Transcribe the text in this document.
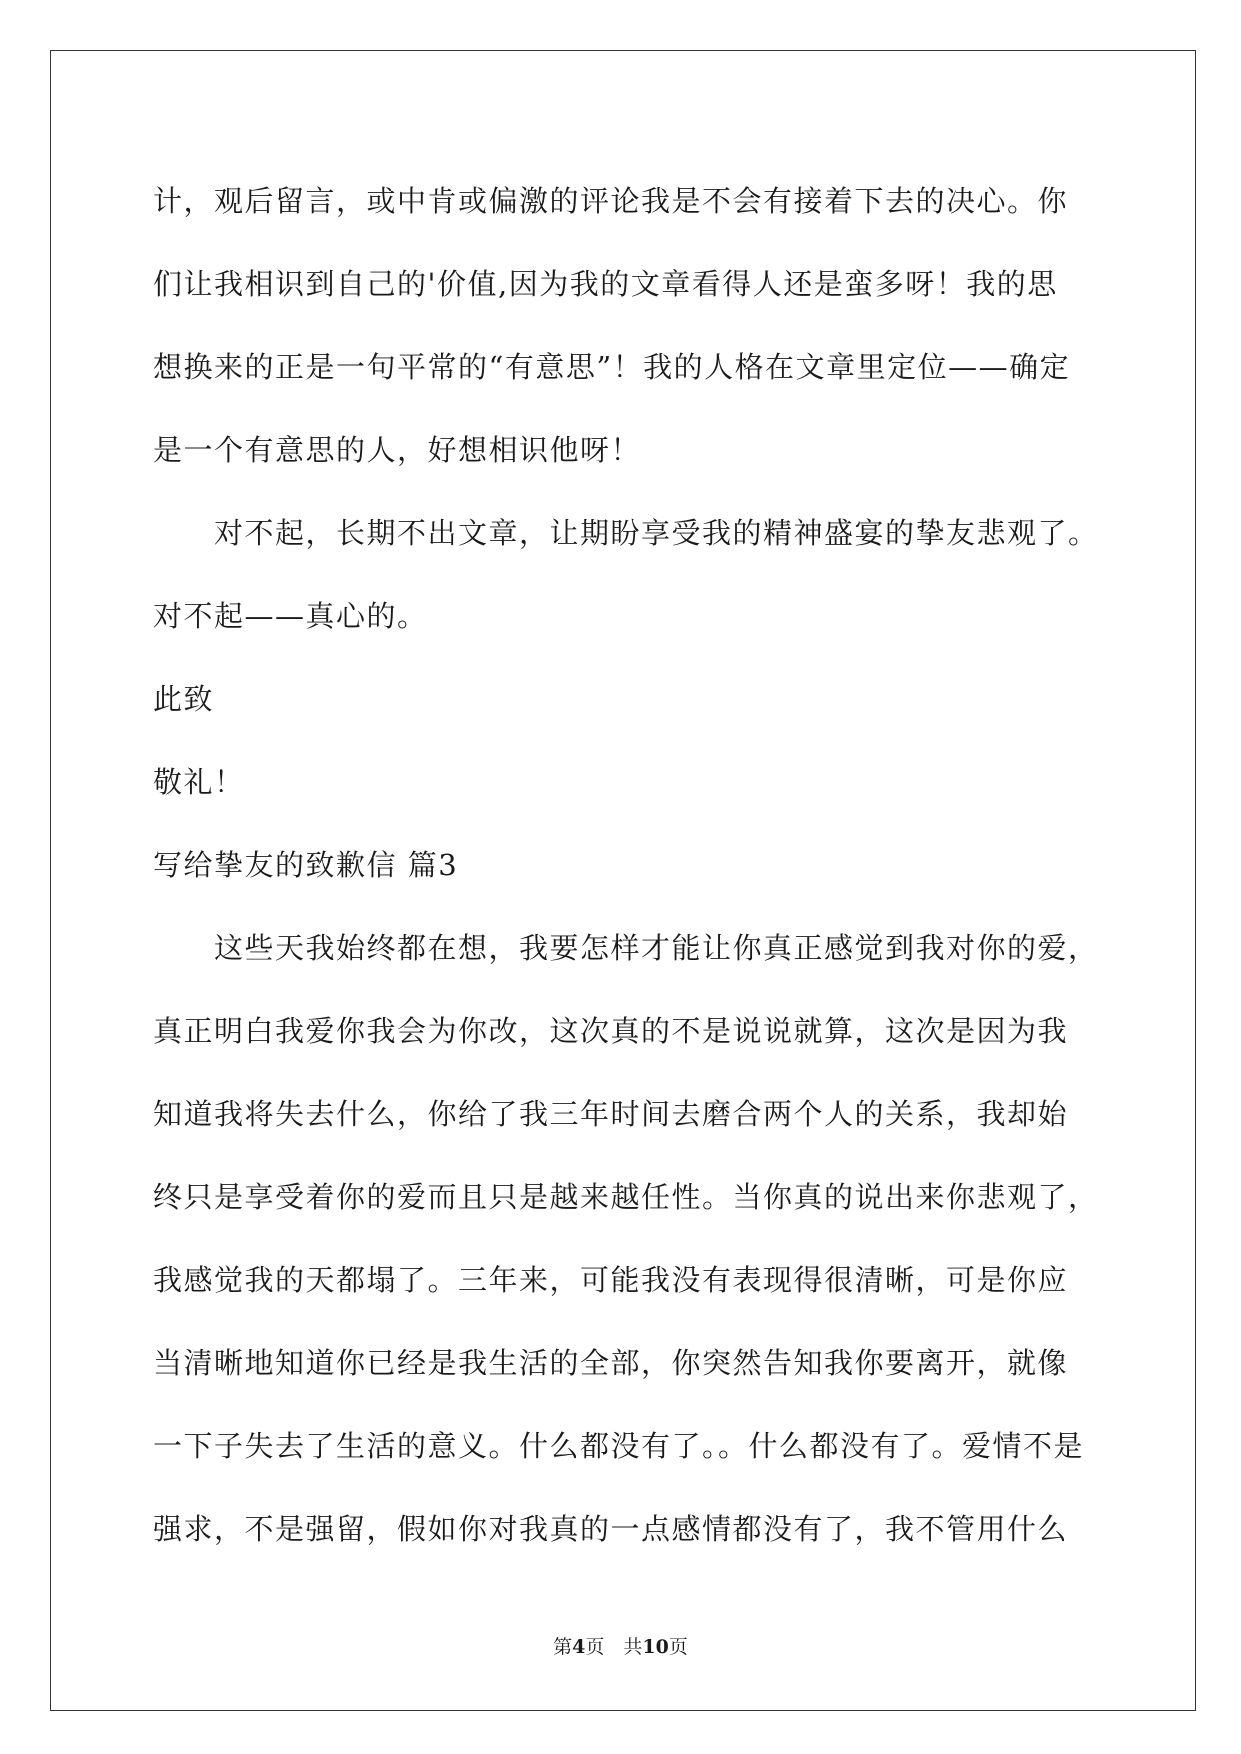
计，观后留言，或中肯或偏激的评论我是不会有接着下去的决心。你
们让我相识到自己的'价值,因为我的文章看得人还是蛮多呀！我的思
想换来的正是一句平常的“有意思”！我的人格在文章里定位——确定
是一个有意思的人，好想相识他呀！
对不起，长期不出文章，让期盼享受我的精神盛宴的挚友悲观了。
对不起——真心的。
此致
敬礼！
写给挚友的致歉信 篇3
这些天我始终都在想，我要怎样才能让你真正感觉到我对你的爱，
真正明白我爱你我会为你改，这次真的不是说说就算，这次是因为我
知道我将失去什么，你给了我三年时间去磨合两个人的关系，我却始
终只是享受着你的爱而且只是越来越任性。当你真的说出来你悲观了，
我感觉我的天都塌了。三年来，可能我没有表现得很清晰，可是你应
当清晰地知道你已经是我生活的全部，你突然告知我你要离开，就像
一下子失去了生活的意义。什么都没有了。。什么都没有了。爱情不是
强求，不是强留，假如你对我真的一点感情都没有了，我不管用什么
第4页　共10页
